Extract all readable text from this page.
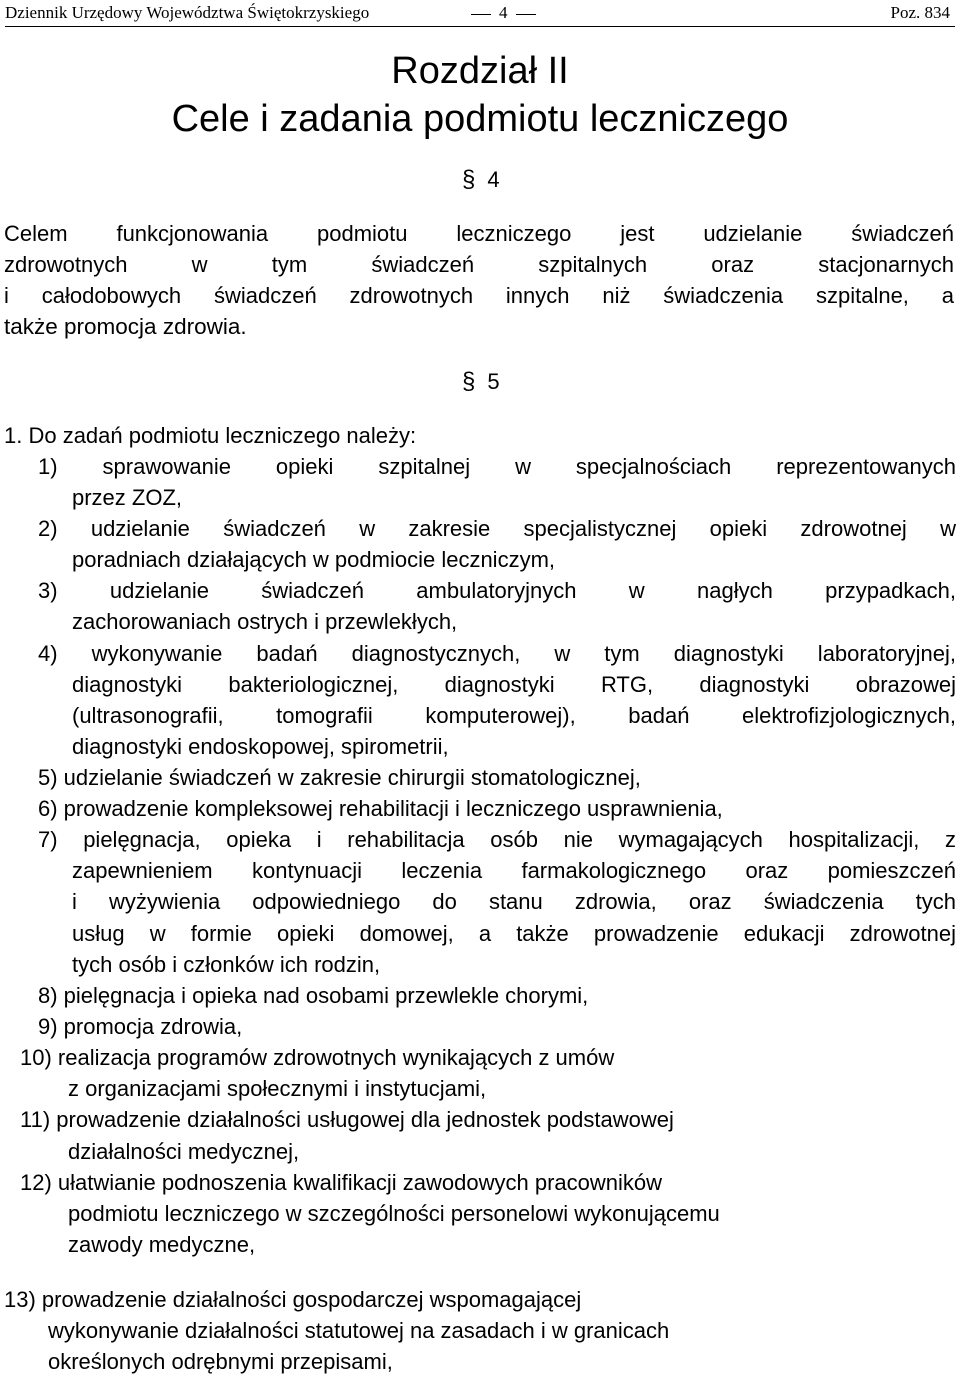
Dziennik Urzędowy Województwa Świętokrzyskiego	4	Poz. 834
Rozdział II
Cele i zadania podmiotu leczniczego
§ 4
Celem funkcjonowania podmiotu leczniczego jest udzielanie świadczeń
zdrowotnych w tym świadczeń szpitalnych oraz stacjonarnych
i całodobowych świadczeń zdrowotnych innych niż świadczenia szpitalne, a
także promocja zdrowia.
§ 5
1. Do zadań podmiotu leczniczego należy:
1) sprawowanie opieki szpitalnej w specjalnościach reprezentowanych
przez ZOZ,
2) udzielanie świadczeń w zakresie specjalistycznej opieki zdrowotnej w
poradniach działających w podmiocie leczniczym,
3) udzielanie świadczeń ambulatoryjnych w nagłych przypadkach,
zachorowaniach ostrych i przewlekłych,
4) wykonywanie badań diagnostycznych, w tym diagnostyki laboratoryjnej,
diagnostyki bakteriologicznej, diagnostyki RTG, diagnostyki obrazowej
(ultrasonografii, tomografii komputerowej), badań elektrofizjologicznych,
diagnostyki endoskopowej, spirometrii,
5) udzielanie świadczeń w zakresie chirurgii stomatologicznej,
6) prowadzenie kompleksowej rehabilitacji i leczniczego usprawnienia,
7) pielęgnacja, opieka i rehabilitacja osób nie wymagających hospitalizacji, z
zapewnieniem kontynuacji leczenia farmakologicznego oraz pomieszczeń
i wyżywienia odpowiedniego do stanu zdrowia, oraz świadczenia tych
usług w formie opieki domowej, a także prowadzenie edukacji zdrowotnej
tych osób i członków ich rodzin,
8) pielęgnacja i opieka nad osobami przewlekle chorymi,
9) promocja zdrowia,
10) realizacja programów zdrowotnych wynikających z umów
z organizacjami społecznymi i instytucjami,
11) prowadzenie działalności usługowej dla jednostek podstawowej
działalności medycznej,
12) ułatwianie podnoszenia kwalifikacji zawodowych pracowników
podmiotu leczniczego w szczególności personelowi wykonującemu
zawody medyczne,
13) prowadzenie działalności gospodarczej wspomagającej
wykonywanie działalności statutowej na zasadach i w granicach
określonych odrębnymi przepisami,
